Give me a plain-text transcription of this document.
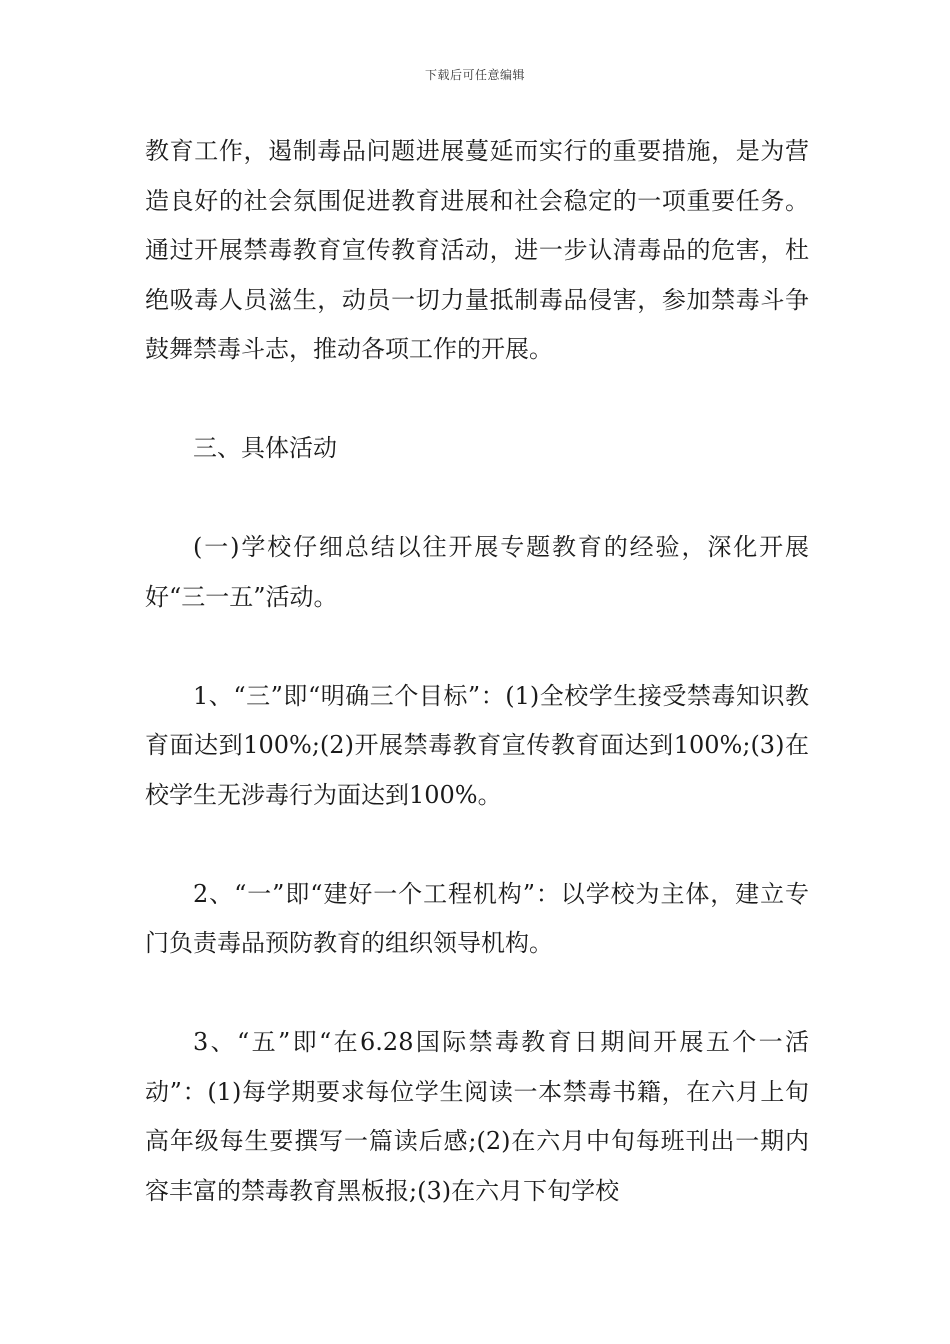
下载后可任意编辑

教育工作，遏制毒品问题进展蔓延而实行的重要措施，是为营造良好的社会氛围促进教育进展和社会稳定的一项重要任务。通过开展禁毒教育宣传教育活动，进一步认清毒品的危害，杜绝吸毒人员滋生，动员一切力量抵制毒品侵害，参加禁毒斗争鼓舞禁毒斗志，推动各项工作的开展。

三、具体活动

(一)学校仔细总结以往开展专题教育的经验，深化开展好“三一五”活动。

1、“三”即“明确三个目标”：(1)全校学生接受禁毒知识教育面达到100%;(2)开展禁毒教育宣传教育面达到100%;(3)在校学生无涉毒行为面达到100%。

2、“一”即“建好一个工程机构”：以学校为主体，建立专门负责毒品预防教育的组织领导机构。

3、“五”即“在6.28国际禁毒教育日期间开展五个一活动”：(1)每学期要求每位学生阅读一本禁毒书籍，在六月上旬高年级每生要撰写一篇读后感;(2)在六月中旬每班刊出一期内容丰富的禁毒教育黑板报;(3)在六月下旬学校
